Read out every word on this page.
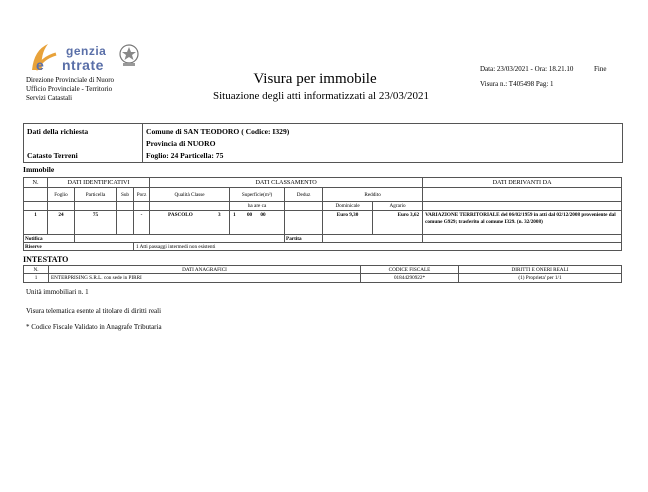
e
genzia
ntrate
Direzione Provinciale di Nuoro
Ufficio Provinciale - Territorio
Servizi Catastali
Visura per immobile
Situazione degli atti informatizzati al 23/03/2021
Data: 23/03/2021 - Ora: 18.21.10	Fine
Visura n.: T405498 Pag: 1
Dati della richiesta	Comune di SAN TEODORO ( Codice: I329)
Provincia di NUORO
Catasto Terreni	Foglio: 24 Particella: 75
Immobile
N.	DATI IDENTIFICATIVI				DATI CLASSAMENTO					DATI DERIVANTI DA
	Foglio	Particella	Sub	Porz	Qualità Classe	Superficie(m²)	Deduz	Reddito		
						ha are ca		Dominicale	Agrario	
1	24	75		-	PASCOLO 3	1 00 00		Euro 9,30	Euro 3,62	VARIAZIONE TERRITORIALE del 06/02/1959 in atti dal 02/12/2008 proveniente dal comune G929; trasferito al comune I329. (n. 32/2008)
Notifica							Partita			
Riserve				1 Atti passaggi intermedi non esistenti						
INTESTATO
N.	DATI ANAGRAFICI	CODICE FISCALE	DIRITTI E ONERI REALI
1	ENTERPRISING S.R.L. con sede in PIRRI	01844290922*	(1) Proprieta' per 1/1
Unità immobiliari n. 1
Visura telematica esente al titolare di diritti reali
* Codice Fiscale Validato in Anagrafe Tributaria
